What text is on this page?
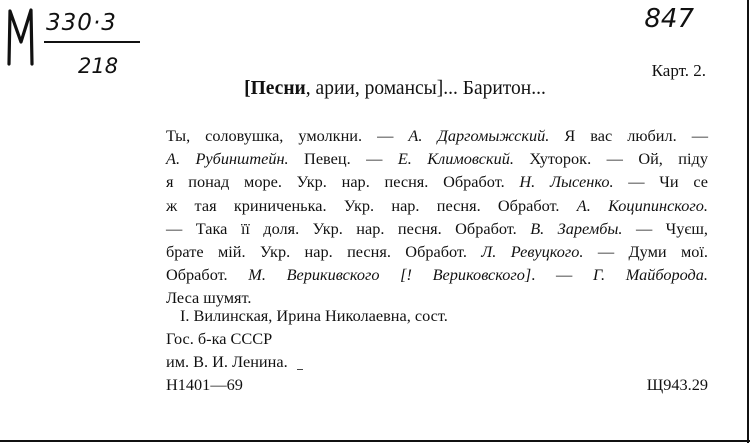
330·3
218
847
Карт. 2.
[Песни, арии, романсы]... Баритон...
Ты, соловушка, умолкни. — А. Даргомыжский. Я вас любил. —
А. Рубинштейн. Певец. — Е. Климовский. Хуторок. — Ой, піду
я понад море. Укр. нар. песня. Обработ. Н. Лысенко. — Чи се
ж тая криниченька. Укр. нар. песня. Обработ. А. Коципинского.
— Така її доля. Укр. нар. песня. Обработ. В. Зарембы. — Чуєш,
брате мій. Укр. нар. песня. Обработ. Л. Ревуцкого. — Думи мої.
Обработ. М. Верикивского [! Вериковского]. — Г. Майборода.
Леса шумят.
I. Вилинская, Ирина Николаевна, сост.
Гос. б-ка СССР
им. В. И. Ленина.
Н1401—69	Щ943.29
